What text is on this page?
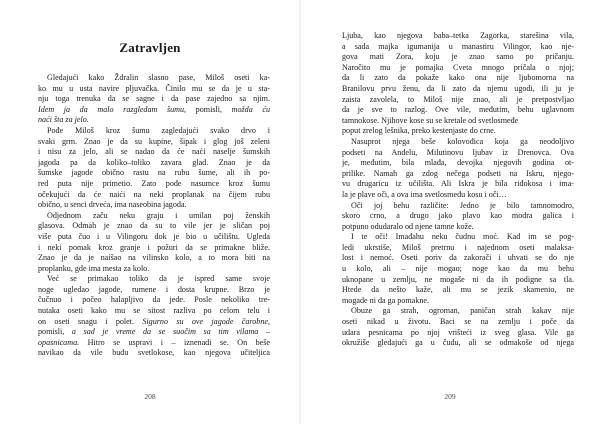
Zatravljen
Gledajući kako Ždralin slasno pase, Miloš oseti ka-
ko mu u usta navire pljuvačka. Činilo mu se da je u sta-
nju toga trenuka da se sagne i da pase zajedno sa njim.
Idem ja da malo razgledam šumu, pomisli, možda ću
naći šta za jelo.
Pođe Miloš kroz šumu zagledajući svako drvo i
svaki grm. Znao je da su kupine, šipak i glog još zeleni
i nisu za jelo, ali se nadao da će naći naselje šumskih
jagoda pa da koliko–toliko zavara glad. Znao je da
šumske jagode obično rastu na rubu šume, ali ih po-
red puta nije primetio. Zato pođe nasumce kroz šumu
očekujući da će naići na neki proplanak na čijem rubu
obično, u senci drveća, ima naseobina jagoda.
Odjednom začu neku graju i umilan poj ženskih
glasova. Odmah je znao da su to vile jer je sličan poj
više puta čuo i u Vilingoru dok je bio u učilištu. Ugleda
i neki pomak kroz granje i požuri da se primakne bliže.
Znao je da je naišao na vilinsko kolo, a to mora biti na
proplanku, gde ima mesta za kolo.
Već se primakao toliko da je ispred same svoje
noge ugledao jagode, rumene i dosta krupne. Brzo je
čučnuo i počeo halapljivo da jede. Posle nekoliko tre-
nutaka oseti kako mu se sitost razliva po celom telu i
on oseti snagu i polet. Sigurno su ove jagode čarobne,
pomisli, a sad je vreme da se suočim sa tim vilama –
opasnicama. Hitro se uspravi i – iznenadi se. On beše
navikao da vile budu svetlokose, kao njegova učiteljica
208
Ljuba, kao njegova baba–tetka Zagorka, starešina vila,
a sada majka igumanija u manastiru Vilingor, kao nje-
gova mati Zora, koju je znao samo po pričanju.
Naročito mu je pomajka Cveta mnogo pričala o njoj;
da li zato da pokaže kako ona nije ljubomorna na
Branilovu prvu ženu, da li zato da njemu ugodi, ili ju je
zaista zavolela, to Miloš nije znao, ali je pretpostvljao
da je sve to razlog. Ove vile, međutim, behu uglavnom
tamnokose. Njihove kose su se kretale od svetlosmeđe
poput zrelog lešnika, preko kestenjaste do crne.
Nasuprot njega beše kolovođica koja ga neodoljivo
podseti na Anđelu, Milutinovu ljubav iz Drenovca. Ova
je, međutim, bila mlađa, devojka njegovih godina ot-
prilike. Namah ga zdog nečega podseti na Iskru, njego-
vu drugaricu iz učilišta. Ali Iskra je bila riđokosa i ima-
la je plave oči, a ova ima svetlosmeđu kosu i oči…
Oči joj behu različite: Jedno je bilo tamnomodro,
skoro crno, a drugo jako plavo kao modra galica i
potpuno odudaralo od njene tamne kože.
I te oči! Imađahu neku čudnu moć. Kad im se pog-
ledi ukrstiše, Miloš pretrnu i najednom oseti malaksa-
lost i nemoć. Oseti poriv da zakorači i uhvati se do nje
u kolo, ali – nije mogao; noge kao da mu behu
uknopane u zemlju, ne mogaše ni da ih podigne sa tla.
Htede da nešto kaže, ali mu se jezik skamenio, ne
mogade ni da ga pomakne.
Obuze ga strah, ogroman, paničan strah kakav nije
oseti nikad u životu. Baci se na zemlju i poče da
udara pesnicama po njoj vrišteći iz sveg glasa. Vile ga
okružiše gledajući ga u čudu, ali se odmakoše od njega
209
